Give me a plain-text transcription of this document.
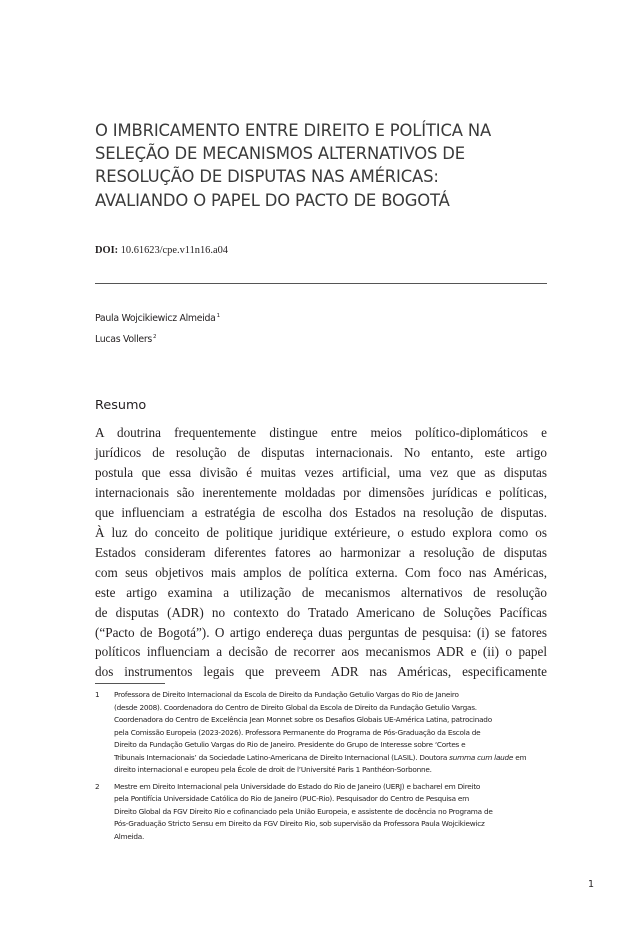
O IMBRICAMENTO ENTRE DIREITO E POLÍTICA NA
SELEÇÃO DE MECANISMOS ALTERNATIVOS DE
RESOLUÇÃO DE DISPUTAS NAS AMÉRICAS:
AVALIANDO O PAPEL DO PACTO DE BOGOTÁ
DOI: 10.61623/cpe.v11n16.a04
Paula Wojcikiewicz Almeida$^1$
Lucas Vollers$^2$
Resumo
A doutrina frequentemente distingue entre meios político-diplomáticos e
jurídicos de resolução de disputas internacionais. No entanto, este artigo
postula que essa divisão é muitas vezes artificial, uma vez que as disputas
internacionais são inerentemente moldadas por dimensões jurídicas e políticas,
que influenciam a estratégia de escolha dos Estados na resolução de disputas.
À luz do conceito de politique juridique extérieure, o estudo explora como os
Estados consideram diferentes fatores ao harmonizar a resolução de disputas
com seus objetivos mais amplos de política externa. Com foco nas Américas,
este artigo examina a utilização de mecanismos alternativos de resolução
de disputas (ADR) no contexto do Tratado Americano de Soluções Pacíficas
(“Pacto de Bogotá”). O artigo endereça duas perguntas de pesquisa: (i) se fatores
políticos influenciam a decisão de recorrer aos mecanismos ADR e (ii) o papel
dos instrumentos legais que preveem ADR nas Américas, especificamente
1 Professora de Direito Internacional da Escola de Direito da Fundação Getulio Vargas do Rio de Janeiro
(desde 2008). Coordenadora do Centro de Direito Global da Escola de Direito da Fundação Getulio Vargas.
Coordenadora do Centro de Excelência Jean Monnet sobre os Desafios Globais UE-América Latina, patrocinado
pela Comissão Europeia (2023-2026). Professora Permanente do Programa de Pós-Graduação da Escola de
Direito da Fundação Getulio Vargas do Rio de Janeiro. Presidente do Grupo de Interesse sobre ‘Cortes e
Tribunais Internacionais’ da Sociedade Latino-Americana de Direito Internacional (LASIL). Doutora summa cum laude em direito internacional e europeu pela École de droit de l’Université Paris 1 Panthéon-Sorbonne.
2 Mestre em Direito Internacional pela Universidade do Estado do Rio de Janeiro (UERJ) e bacharel em Direito
pela Pontifícia Universidade Católica do Rio de Janeiro (PUC-Rio). Pesquisador do Centro de Pesquisa em
Direito Global da FGV Direito Rio e cofinanciado pela União Europeia, e assistente de docência no Programa de
Pós-Graduação Stricto Sensu em Direito da FGV Direito Rio, sob supervisão da Professora Paula Wojcikiewicz
Almeida.
1
